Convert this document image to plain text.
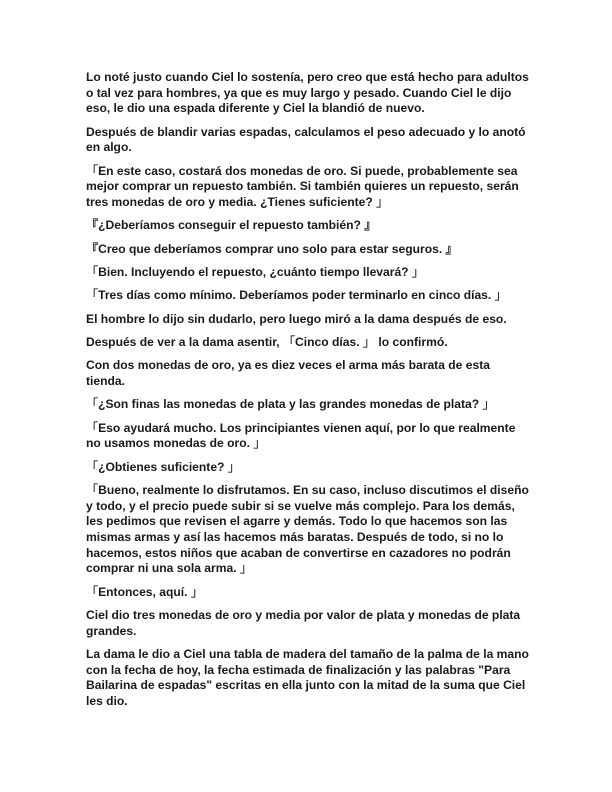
Lo noté justo cuando Ciel lo sostenía, pero creo que está hecho para adultos o tal vez para hombres, ya que es muy largo y pesado. Cuando Ciel le dijo eso, le dio una espada diferente y Ciel la blandió de nuevo.

Después de blandir varias espadas, calculamos el peso adecuado y lo anotó en algo.

「En este caso, costará dos monedas de oro. Si puede, probablemente sea mejor comprar un repuesto también. Si también quieres un repuesto, serán tres monedas de oro y media. ¿Tienes suficiente? 」

『¿Deberíamos conseguir el repuesto también? 』

『Creo que deberíamos comprar uno solo para estar seguros. 』

「Bien. Incluyendo el repuesto, ¿cuánto tiempo llevará? 」

「Tres días como mínimo. Deberíamos poder terminarlo en cinco días. 」

El hombre lo dijo sin dudarlo, pero luego miró a la dama después de eso.

Después de ver a la dama asentir, 「Cinco días. 」 lo confirmó.

Con dos monedas de oro, ya es diez veces el arma más barata de esta tienda.

「¿Son finas las monedas de plata y las grandes monedas de plata? 」

「Eso ayudará mucho. Los principiantes vienen aquí, por lo que realmente no usamos monedas de oro. 」

「¿Obtienes suficiente? 」

「Bueno, realmente lo disfrutamos. En su caso, incluso discutimos el diseño y todo, y el precio puede subir si se vuelve más complejo. Para los demás, les pedimos que revisen el agarre y demás. Todo lo que hacemos son las mismas armas y así las hacemos más baratas. Después de todo, si no lo hacemos, estos niños que acaban de convertirse en cazadores no podrán comprar ni una sola arma. 」

「Entonces, aquí. 」

Ciel dio tres monedas de oro y media por valor de plata y monedas de plata grandes.

La dama le dio a Ciel una tabla de madera del tamaño de la palma de la mano con la fecha de hoy, la fecha estimada de finalización y las palabras "Para Bailarina de espadas" escritas en ella junto con la mitad de la suma que Ciel les dio.
